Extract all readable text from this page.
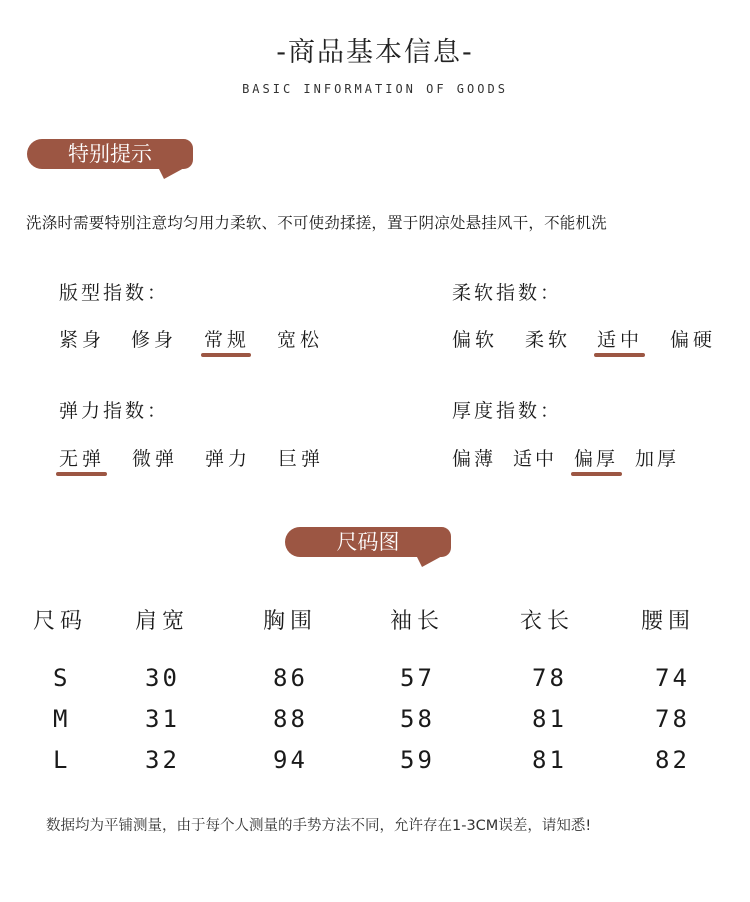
-商品基本信息-
BASIC INFORMATION OF GOODS
特别提示
洗涤时需要特别注意均匀用力柔软、不可使劲揉搓，置于阴凉处悬挂风干，不能机洗
版型指数：
紧身 修身 常规 宽松
柔软指数：
偏软 柔软 适中 偏硬
弹力指数：
无弹 微弹 弹力 巨弹
厚度指数：
偏薄 适中 偏厚 加厚
尺码图
尺码 肩宽	胸围	袖长	衣长	腰围
S	30	86	57	78	74
M	31	88	58	81	78
L	32	94	59	81	82
数据均为平铺测量，由于每个人测量的手势方法不同，允许存在1-3CM误差，请知悉!
